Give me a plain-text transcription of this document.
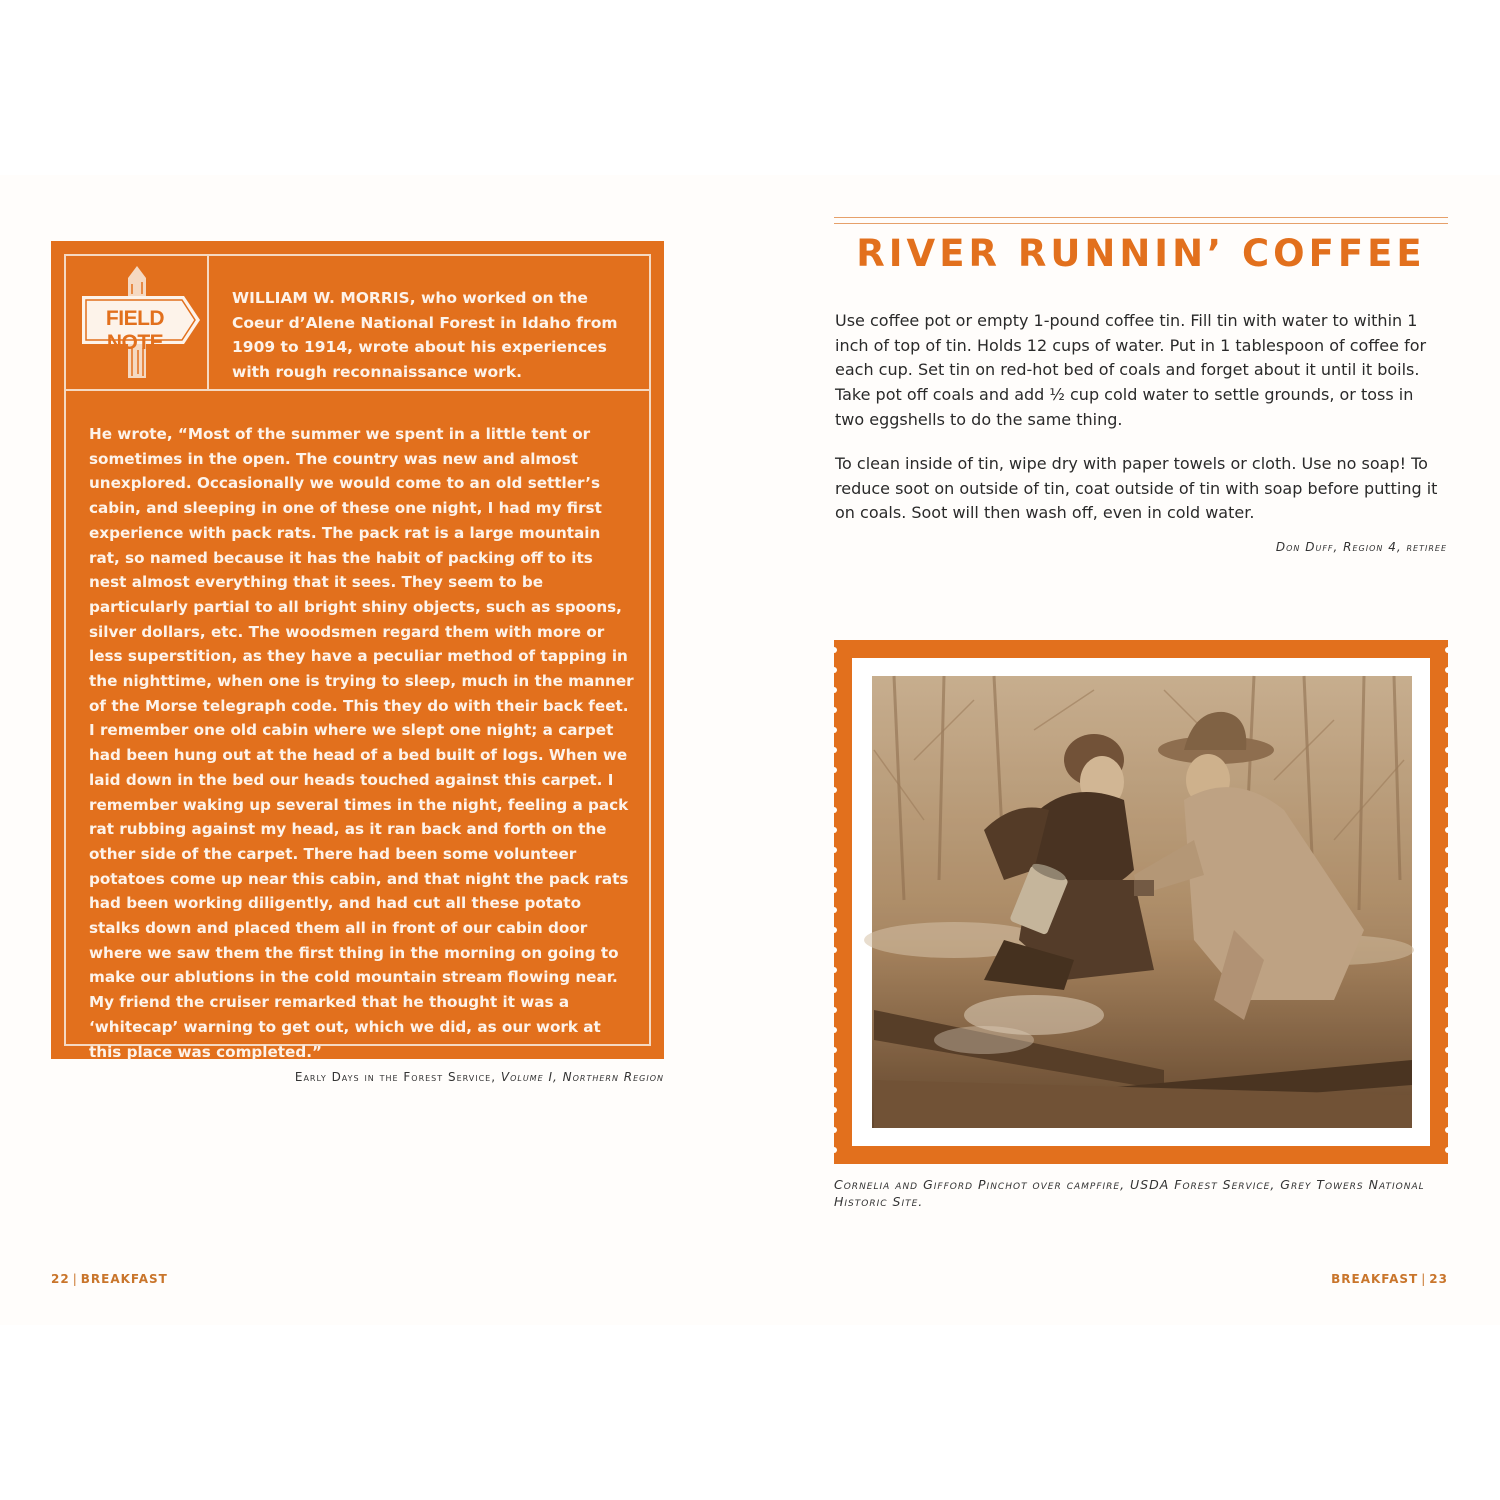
FIELD NOTE
WILLIAM W. MORRIS, who worked on the Coeur d’Alene National Forest in Idaho from 1909 to 1914, wrote about his experiences with rough reconnaissance work.
He wrote, “Most of the summer we spent in a little tent or sometimes in the open. The country was new and almost unexplored. Occasionally we would come to an old settler’s cabin, and sleeping in one of these one night, I had my first experience with pack rats. The pack rat is a large mountain rat, so named because it has the habit of packing off to its nest almost everything that it sees. They seem to be particularly partial to all bright shiny objects, such as spoons, silver dollars, etc. The woodsmen regard them with more or less superstition, as they have a peculiar method of tapping in the nighttime, when one is trying to sleep, much in the manner of the Morse telegraph code. This they do with their back feet. I remember one old cabin where we slept one night; a carpet had been hung out at the head of a bed built of logs. When we laid down in the bed our heads touched against this carpet. I remember waking up several times in the night, feeling a pack rat rubbing against my head, as it ran back and forth on the other side of the carpet. There had been some volunteer potatoes come up near this cabin, and that night the pack rats had been working diligently, and had cut all these potato stalks down and placed them all in front of our cabin door where we saw them the first thing in the morning on going to make our ablutions in the cold mountain stream flowing near. My friend the cruiser remarked that he thought it was a ‘whitecap’ warning to get out, which we did, as our work at this place was completed.”
Early Days in the Forest Service, Volume I, Northern Region
RIVER RUNNIN’ COFFEE

Use coffee pot or empty 1-pound coffee tin. Fill tin with water to within 1 inch of top of tin. Holds 12 cups of water. Put in 1 tablespoon of coffee for each cup. Set tin on red-hot bed of coals and forget about it until it boils. Take pot off coals and add ½ cup cold water to settle grounds, or toss in two eggshells to do the same thing.

To clean inside of tin, wipe dry with paper towels or cloth. Use no soap! To reduce soot on outside of tin, coat outside of tin with soap before putting it on coals. Soot will then wash off, even in cold water.

Don Duff, Region 4, retiree
Cornelia and Gifford Pinchot over campfire, USDA Forest Service, Grey Towers National Historic Site.
22 | BREAKFAST	BREAKFAST | 23
